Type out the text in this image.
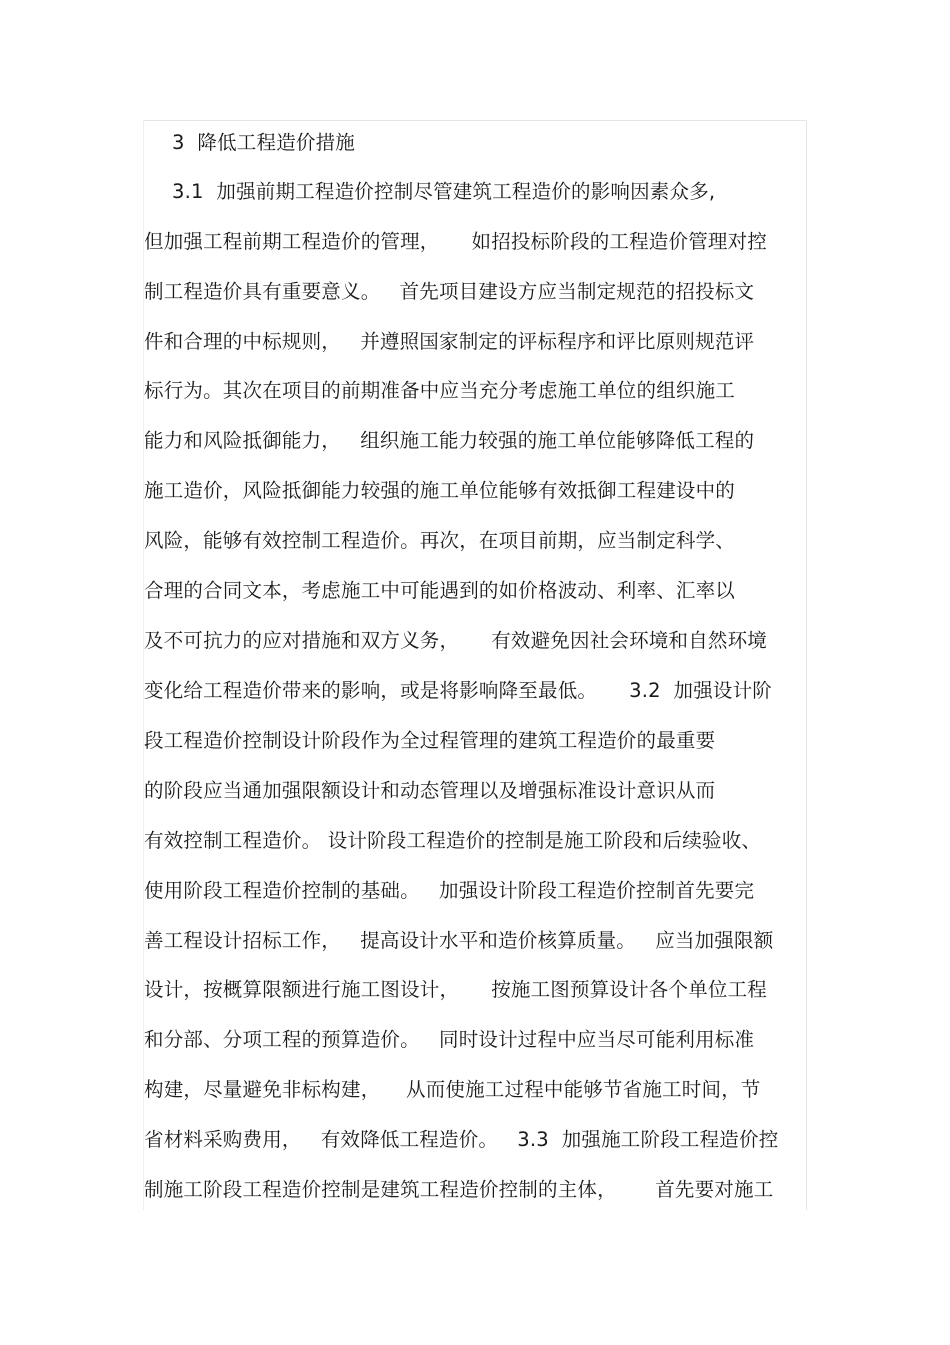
3  降低工程造价措施
3.1  加强前期工程造价控制尽管建筑工程造价的影响因素众多,
但加强工程前期工程造价的管理，     如招投标阶段的工程造价管理对控
制工程造价具有重要意义。   首先项目建设方应当制定规范的招投标文
件和合理的中标规则，   并遵照国家制定的评标程序和评比原则规范评
标行为。其次在项目的前期准备中应当充分考虑施工单位的组织施工
能力和风险抵御能力，   组织施工能力较强的施工单位能够降低工程的
施工造价，风险抵御能力较强的施工单位能够有效抵御工程建设中的
风险，能够有效控制工程造价。再次，在项目前期，应当制定科学、
合理的合同文本，考虑施工中可能遇到的如价格波动、利率、汇率以
及不可抗力的应对措施和双方义务，     有效避免因社会环境和自然环境
变化给工程造价带来的影响，或是将影响降至最低。     3.2  加强设计阶
段工程造价控制设计阶段作为全过程管理的建筑工程造价的最重要
的阶段应当通加强限额设计和动态管理以及增强标准设计意识从而
有效控制工程造价。 设计阶段工程造价的控制是施工阶段和后续验收、
使用阶段工程造价控制的基础。   加强设计阶段工程造价控制首先要完
善工程设计招标工作，   提高设计水平和造价核算质量。   应当加强限额
设计，按概算限额进行施工图设计，     按施工图预算设计各个单位工程
和分部、分项工程的预算造价。   同时设计过程中应当尽可能利用标准
构建，尽量避免非标构建，    从而使施工过程中能够节省施工时间，节
省材料采购费用，   有效降低工程造价。   3.3  加强施工阶段工程造价控
制施工阶段工程造价控制是建筑工程造价控制的主体，      首先要对施工
